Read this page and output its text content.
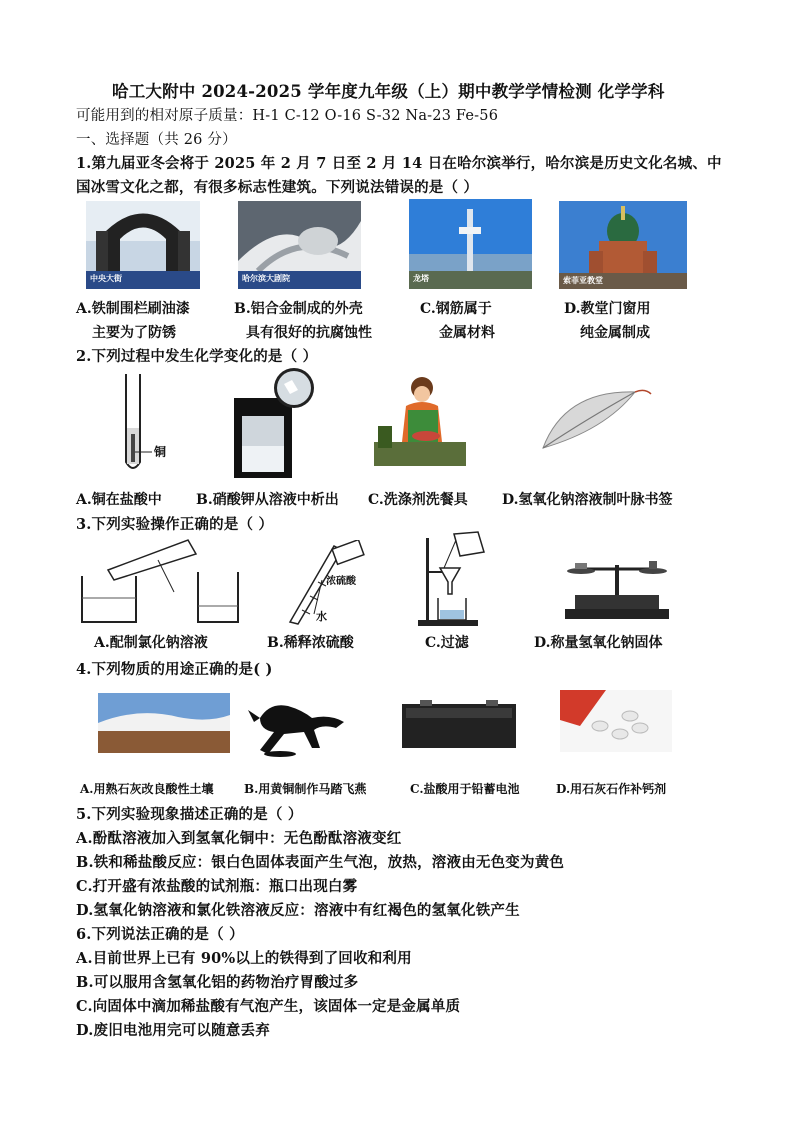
哈工大附中 2024-2025 学年度九年级（上）期中教学学情检测 化学学科
可能用到的相对原子质量：H-1 C-12 O-16 S-32 Na-23 Fe-56
一、选择题（共 26 分）
1.第九届亚冬会将于 2025 年 2 月 7 日至 2 月 14 日在哈尔滨举行，哈尔滨是历史文化名城、中
国冰雪文化之都，有很多标志性建筑。下列说法错误的是（ ）
中央大街	哈尔滨大剧院	龙塔	索菲亚教堂
A.铁制围栏刷油漆
主要为了防锈
B.铝合金制成的外壳
具有很好的抗腐蚀性
C.钢筋属于
金属材料
D.教堂门窗用
纯金属制成
2.下列过程中发生化学变化的是（ ）
铜
A.铜在盐酸中 B.硝酸钾从溶液中析出 C.洗涤剂洗餐具 D.氢氧化钠溶液制叶脉书签
3.下列实验操作正确的是（ ）
浓硫酸
水
A.配制氯化钠溶液	B.稀释浓硫酸	C.过滤	D.称量氢氧化钠固体
4.下列物质的用途正确的是( )
A.用熟石灰改良酸性土壤	B.用黄铜制作马踏飞燕	C.盐酸用于铅蓄电池	D.用石灰石作补钙剂
5.下列实验现象描述正确的是（ ）
A.酚酞溶液加入到氢氧化铜中：无色酚酞溶液变红
B.铁和稀盐酸反应：银白色固体表面产生气泡，放热，溶液由无色变为黄色
C.打开盛有浓盐酸的试剂瓶：瓶口出现白雾
D.氢氧化钠溶液和氯化铁溶液反应：溶液中有红褐色的氢氧化铁产生
6.下列说法正确的是（ ）
A.目前世界上已有 90%以上的铁得到了回收和利用
B.可以服用含氢氧化铝的药物治疗胃酸过多
C.向固体中滴加稀盐酸有气泡产生，该固体一定是金属单质
D.废旧电池用完可以随意丢弃
